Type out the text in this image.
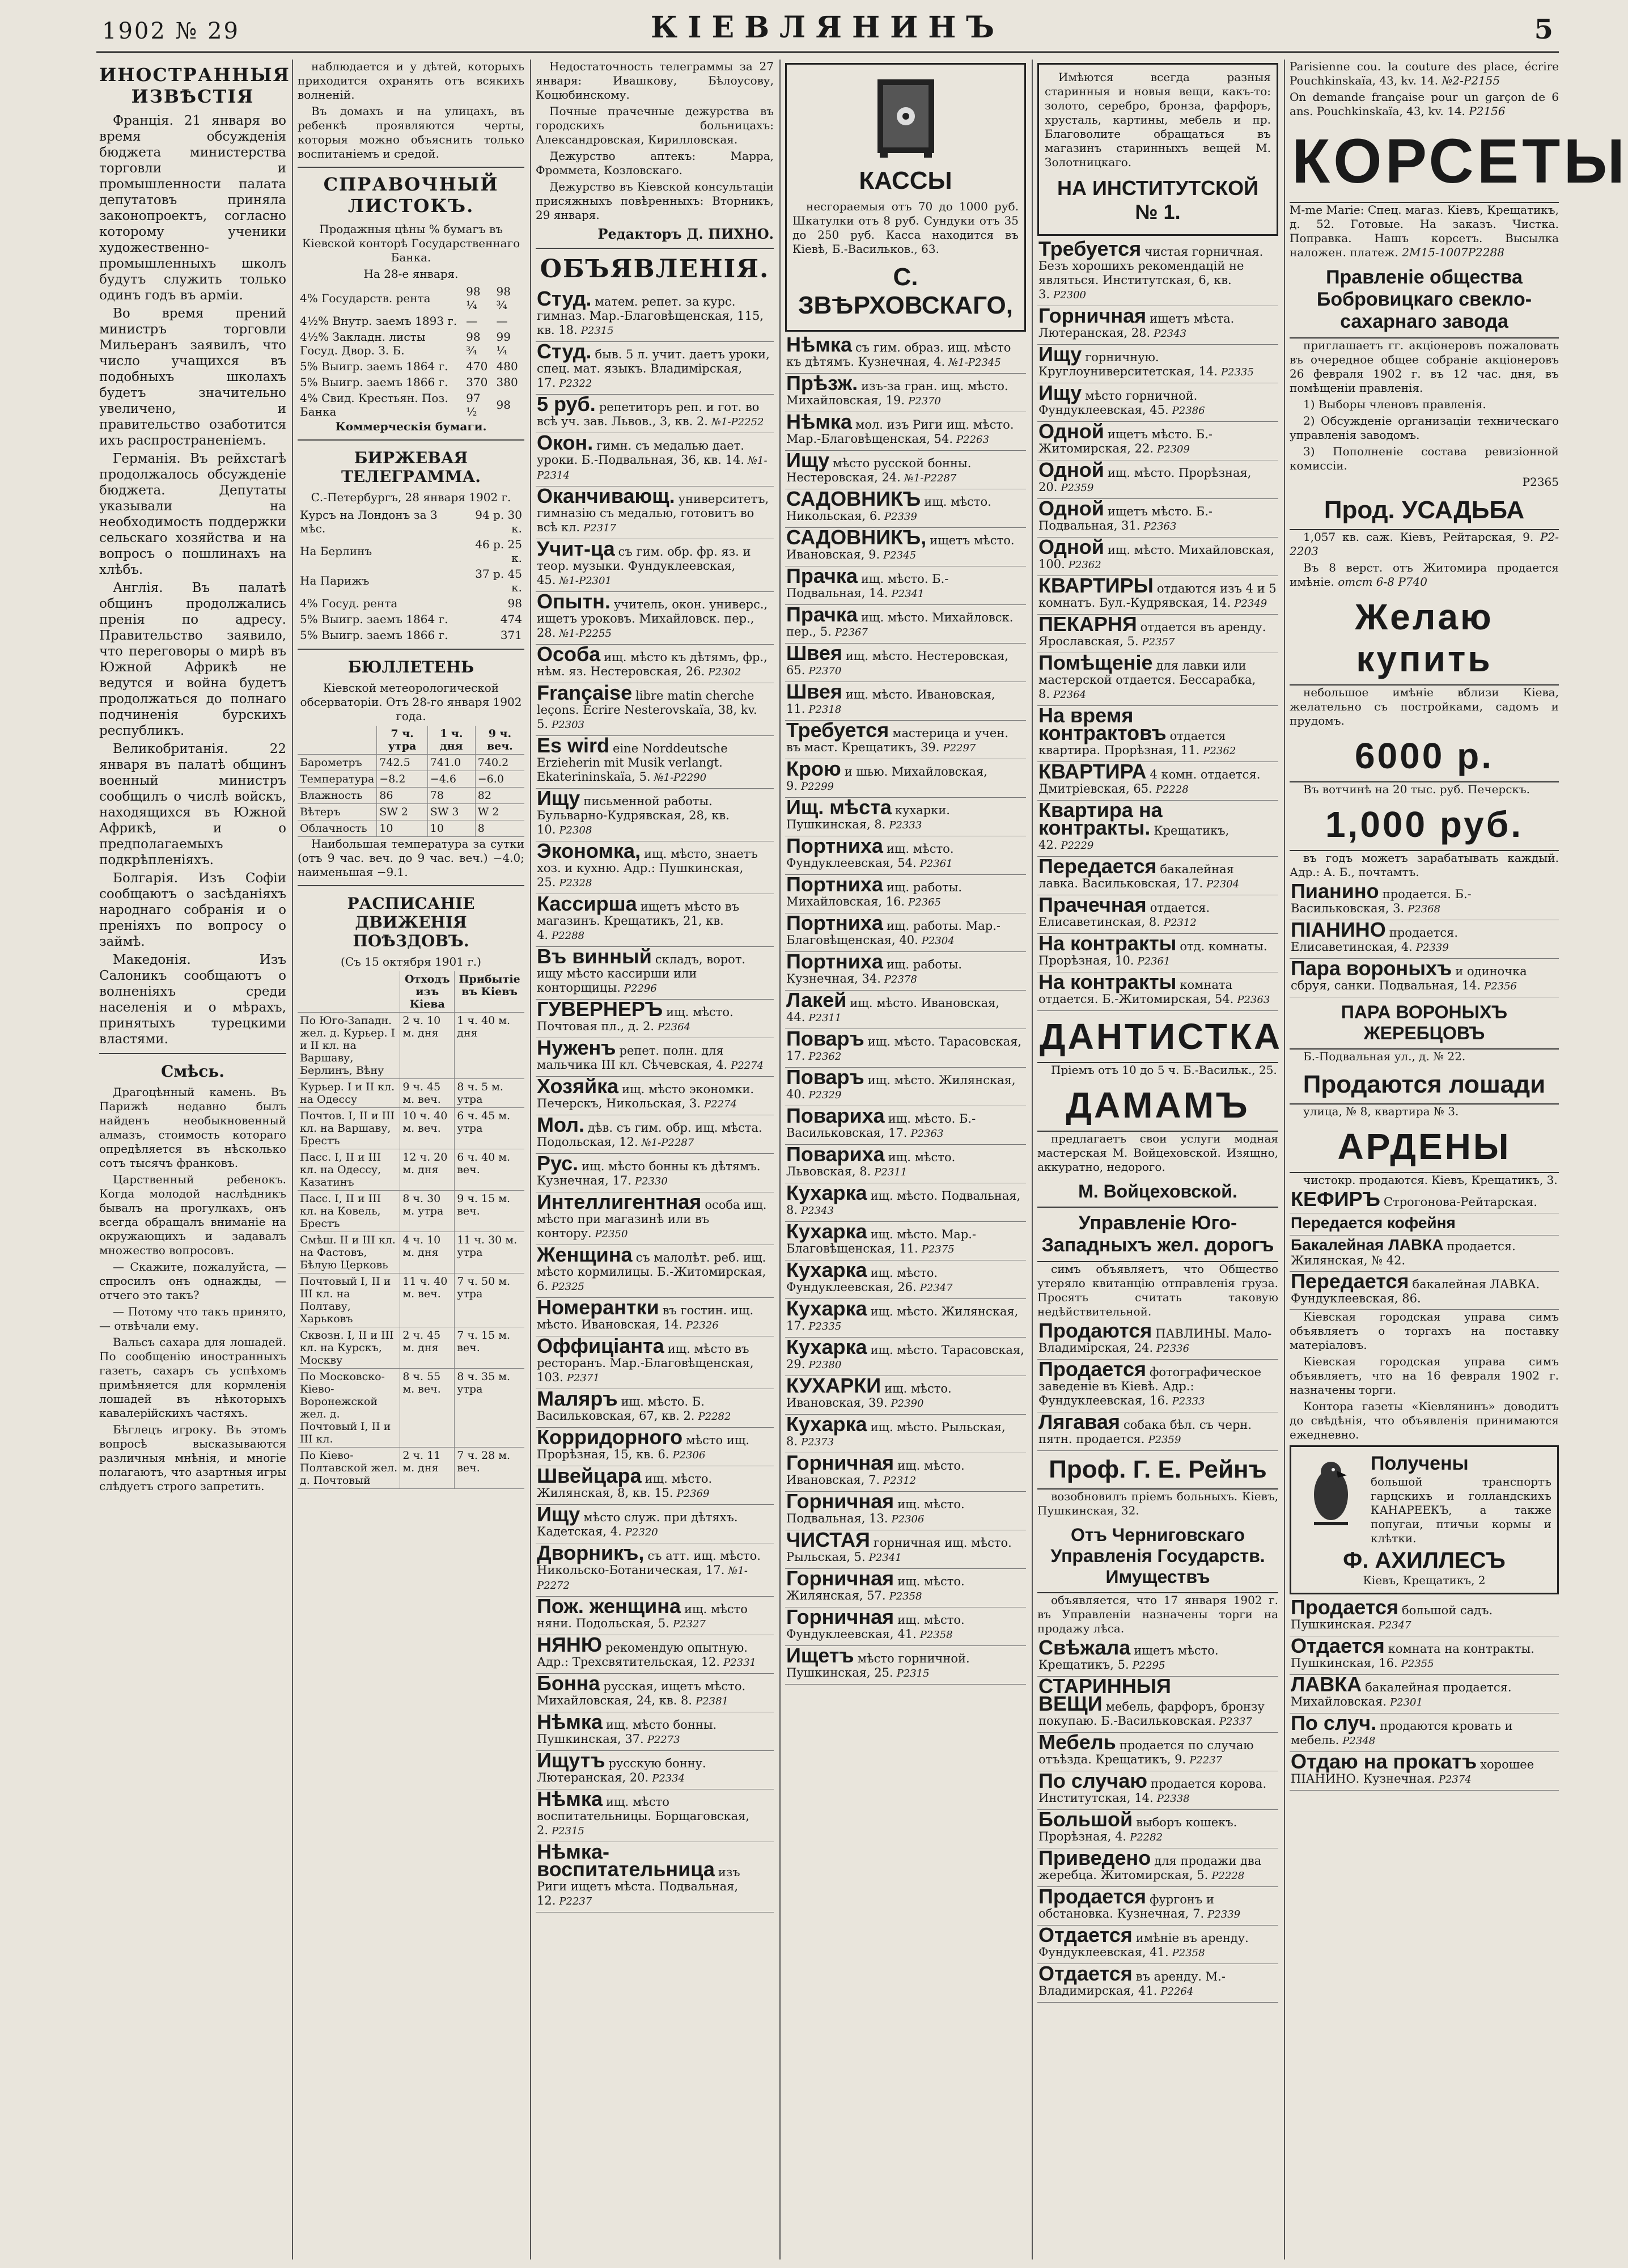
1902 № 29	КІЕВЛЯНИНЪ	5
ИНОСТРАННЫЯ ИЗВѢСТІЯ

Франція. 21 января во время обсужденія бюджета министерства торговли и промышленности палата депутатовъ приняла законопроектъ, согласно которому ученики художественно-промышленныхъ школъ будутъ служить только одинъ годъ въ арміи.

Во время прений министръ торговли Мильеранъ заявилъ, что число учащихся въ подобныхъ школахъ будетъ значительно увеличено, и правительство озаботится ихъ распространеніемъ.

Германія. Въ рейхстагѣ продолжалось обсужденіе бюджета. Депутаты указывали на необходимость поддержки сельскаго хозяйства и на вопросъ о пошлинахъ на хлѣбъ.

Англія. Въ палатѣ общинъ продолжались пренія по адресу. Правительство заявило, что переговоры о мирѣ въ Южной Африкѣ не ведутся и война будетъ продолжаться до полнаго подчиненія бурскихъ республикъ.

Великобританія. 22 января въ палатѣ общинъ военный министръ сообщилъ о числѣ войскъ, находящихся въ Южной Африкѣ, и о предполагаемыхъ подкрѣпленіяхъ.

Болгарія. Изъ Софіи сообщаютъ о засѣданіяхъ народнаго собранія и о преніяхъ по вопросу о займѣ.

Македонія. Изъ Салоникъ сообщаютъ о волненіяхъ среди населенія и о мѣрахъ, принятыхъ турецкими властями.

Смѣсь.

Драгоцѣнный камень. Въ Парижѣ недавно былъ найденъ необыкновенный алмазъ, стоимость котораго опредѣляется въ нѣсколько сотъ тысячъ франковъ.

Царственный ребенокъ. Когда молодой наслѣдникъ бывалъ на прогулкахъ, онъ всегда обращалъ вниманіе на окружающихъ и задавалъ множество вопросовъ.

— Скажите, пожалуйста, — спросилъ онъ однажды, — отчего это такъ?

— Потому что такъ принято, — отвѣчали ему.

Вальсъ сахара для лошадей. По сообщенію иностранныхъ газетъ, сахаръ съ успѣхомъ примѣняется для кормленія лошадей въ нѣкоторыхъ кавалерійскихъ частяхъ.

Бѣглецъ игроку. Въ этомъ вопросѣ высказываются различныя мнѣнія, и многіе полагаютъ, что азартныя игры слѣдуетъ строго запретить.

наблюдается и у дѣтей, которыхъ приходится охранять отъ всякихъ волненій.

Въ домахъ и на улицахъ, въ ребенкѣ проявляются черты, которыя можно объяснить только воспитаніемъ и средой.

СПРАВОЧНЫЙ ЛИСТОКЪ.

Продажныя цѣны % бумагъ въ Кіевской конторѣ Государственнаго Банка.

На 28-е января.

4% Государств. рента	98 ¼	98 ¾
4½% Внутр. заемъ 1893 г.	—	—
4½% Закладн. листы Госуд. Двор. З. Б.	98 ¾	99 ¼
5% Выигр. заемъ 1864 г.	470	480
5% Выигр. заемъ 1866 г.	370	380
4% Свид. Крестьян. Поз. Банка	97 ½	98

Коммерческія бумаги.

БИРЖЕВАЯ ТЕЛЕГРАММА.

С.-Петербургъ, 28 января 1902 г.

Курсъ на Лондонъ за 3 мѣс.	94 р. 30 к.
На Берлинъ	46 р. 25 к.
На Парижъ	37 р. 45 к.
4% Госуд. рента	98
5% Выигр. заемъ 1864 г.	474
5% Выигр. заемъ 1866 г.	371
БЮЛЛЕТЕНЬ

Кіевской метеорологической обсерваторіи. Отъ 28-го января 1902 года.

	7 ч. утра	1 ч. дня	9 ч. веч.
Барометръ	742.5	741.0	740.2
Температура	−8.2	−4.6	−6.0
Влажность	86	78	82
Вѣтеръ	SW 2	SW 3	W 2
Облачность	10	10	8

Наибольшая температура за сутки (отъ 9 час. веч. до 9 час. веч.) −4.0; наименьшая −9.1.

РАСПИСАНІЕ ДВИЖЕНІЯ ПОѢЗДОВЪ.

(Съ 15 октября 1901 г.)

	Отходъ изъ Кіева	Прибытіе въ Кіевъ
По Юго-Западн. жел. д. Курьер. I и II кл. на Варшаву, Берлинъ, Вѣну	2 ч. 10 м. дня	1 ч. 40 м. дня
Курьер. I и II кл. на Одессу	9 ч. 45 м. веч.	8 ч. 5 м. утра
Почтов. I, II и III кл. на Варшаву, Брестъ	10 ч. 40 м. веч.	6 ч. 45 м. утра
Пасс. I, II и III кл. на Одессу, Казатинъ	12 ч. 20 м. дня	6 ч. 40 м. веч.
Пасс. I, II и III кл. на Ковель, Брестъ	8 ч. 30 м. утра	9 ч. 15 м. веч.
Смѣш. II и III кл. на Фастовъ, Бѣлую Церковь	4 ч. 10 м. дня	11 ч. 30 м. утра
Почтовый I, II и III кл. на Полтаву, Харьковъ	11 ч. 40 м. веч.	7 ч. 50 м. утра
Сквозн. I, II и III кл. на Курскъ, Москву	2 ч. 45 м. дня	7 ч. 15 м. веч.
По Московско-Кіево-Воронежской жел. д. Почтовый I, II и III кл.	8 ч. 55 м. веч.	8 ч. 35 м. утра
По Кіево-Полтавской жел. д. Почтовый	2 ч. 11 м. дня	7 ч. 28 м. веч.

Недостаточность телеграммы за 27 января: Ивашкову, Бѣлоусову, Коцюбинскому.

Почные прачечные дежурства въ городскихъ больницахъ: Александровская, Кирилловская.

Дежурство аптекъ: Марра, Фроммета, Козловскаго.

Дежурство въ Кіевской консультаціи присяжныхъ повѣренныхъ: Вторникъ, 29 января.

Редакторъ Д. ПИХНО.
ОБЪЯВЛЕНІЯ.
Студ. матем. репет. за курс. гимназ. Мар.-Благовѣщенская, 115, кв. 18. Р2315
Студ. быв. 5 л. учит. даетъ уроки, спец. мат. языкъ. Владимірская, 17. Р2322
5 руб. репетиторъ реп. и гот. во всѣ уч. зав. Львов., 3, кв. 2. №1-Р2252
Окон. гимн. съ медалью дает. уроки. Б.-Подвальная, 36, кв. 14. №1-Р2314
Оканчивающ. университетъ, гимназію съ медалью, готовитъ во всѣ кл. Р2317
Учит-ца съ гим. обр. фр. яз. и теор. музыки. Фундуклеевская, 45. №1-Р2301
Опытн. учитель, окон. универс., ищетъ уроковъ. Михайловск. пер., 28. №1-Р2255
Особа ищ. мѣсто къ дѣтямъ, фр., нѣм. яз. Нестеровская, 26. Р2302
Française libre matin cherche leçons. Ecrire Nesterovskaïa, 38, kv. 5. Р2303
Es wird eine Norddeutsche Erzieherin mit Musik verlangt. Ekaterininskaïa, 5. №1-Р2290
Ищу письменной работы. Бульварно-Кудрявская, 28, кв. 10. Р2308
Экономка, ищ. мѣсто, знаетъ хоз. и кухню. Адр.: Пушкинская, 25. Р2328
Кассирша ищетъ мѣсто въ магазинъ. Крещатикъ, 21, кв. 4. Р2288
Въ винный складъ, ворот. ищу мѣсто кассирши или конторщицы. Р2296
ГУВЕРНЕРЪ ищ. мѣсто. Почтовая пл., д. 2. Р2364
Нуженъ репет. полн. для мальчика III кл. Сѣчевская, 4. Р2274
Хозяйка ищ. мѣсто экономки. Печерскъ, Никольская, 3. Р2274
Мол. дѣв. съ гим. обр. ищ. мѣста. Подольская, 12. №1-Р2287
Рус. ищ. мѣсто бонны къ дѣтямъ. Кузнечная, 17. Р2330
Интеллигентная особа ищ. мѣсто при магазинѣ или въ контору. Р2350
Женщина съ малолѣт. реб. ищ. мѣсто кормилицы. Б.-Житомирская, 6. Р2325
Номерантки въ гостин. ищ. мѣсто. Ивановская, 14. Р2326
Оффиціанта ищ. мѣсто въ ресторанъ. Мар.-Благовѣщенская, 103. Р2371
Маляръ ищ. мѣсто. Б. Васильковская, 67, кв. 2. Р2282
Корридорного мѣсто ищ. Прорѣзная, 15, кв. 6. Р2306
Швейцара ищ. мѣсто. Жилянская, 8, кв. 15. Р2369
Ищу мѣсто служ. при дѣтяхъ. Кадетская, 4. Р2320
Дворникъ, съ атт. ищ. мѣсто. Никольско-Ботаническая, 17. №1-Р2272
Пож. женщина ищ. мѣсто няни. Подольская, 5. Р2327
НЯНЮ рекомендую опытную. Адр.: Трехсвятительская, 12. Р2331
Бонна русская, ищетъ мѣсто. Михайловская, 24, кв. 8. Р2381
Нѣмка ищ. мѣсто бонны. Пушкинская, 37. Р2273
Ищутъ русскую бонну. Лютеранская, 20. Р2334
Нѣмка ищ. мѣсто воспитательницы. Борщаговская, 2. Р2315
Нѣмка-воспитательница изъ Риги ищетъ мѣста. Подвальная, 12. Р2237
КАССЫ

несгораемыя отъ 70 до 1000 руб. Шкатулки отъ 8 руб. Сундуки отъ 35 до 250 руб. Касса находится въ Кіевѣ, Б.-Васильков., 63.

С. ЗВѢРХОВСКАГО,
Нѣмка съ гим. образ. ищ. мѣсто къ дѣтямъ. Кузнечная, 4. №1-Р2345
Прѣзж. изъ-за гран. ищ. мѣсто. Михайловская, 19. Р2370
Нѣмка мол. изъ Риги ищ. мѣсто. Мар.-Благовѣщенская, 54. Р2263
Ищу мѣсто русской бонны. Нестеровская, 24. №1-Р2287
САДОВНИКЪ ищ. мѣсто. Никольская, 6. Р2339
САДОВНИКЪ, ищетъ мѣсто. Ивановская, 9. Р2345
Прачка ищ. мѣсто. Б.-Подвальная, 14. Р2341
Прачка ищ. мѣсто. Михайловск. пер., 5. Р2367
Швея ищ. мѣсто. Нестеровская, 65. Р2370
Швея ищ. мѣсто. Ивановская, 11. Р2318
Требуется мастерица и учен. въ маст. Крещатикъ, 39. Р2297
Крою и шью. Михайловская, 9. Р2299
Ищ. мѣста кухарки. Пушкинская, 8. Р2333
Портниха ищ. мѣсто. Фундуклеевская, 54. Р2361
Портниха ищ. работы. Михайловская, 16. Р2365
Портниха ищ. работы. Мар.-Благовѣщенская, 40. Р2304
Портниха ищ. работы. Кузнечная, 34. Р2378
Лакей ищ. мѣсто. Ивановская, 44. Р2311
Поваръ ищ. мѣсто. Тарасовская, 17. Р2362
Поваръ ищ. мѣсто. Жилянская, 40. Р2329
Повариха ищ. мѣсто. Б.-Васильковская, 17. Р2363
Повариха ищ. мѣсто. Львовская, 8. Р2311
Кухарка ищ. мѣсто. Подвальная, 8. Р2343
Кухарка ищ. мѣсто. Мар.-Благовѣщенская, 11. Р2375
Кухарка ищ. мѣсто. Фундуклеевская, 26. Р2347
Кухарка ищ. мѣсто. Жилянская, 17. Р2335
Кухарка ищ. мѣсто. Тарасовская, 29. Р2380
КУХАРКИ ищ. мѣсто. Ивановская, 39. Р2390
Кухарка ищ. мѣсто. Рыльская, 8. Р2373
Горничная ищ. мѣсто. Ивановская, 7. Р2312
Горничная ищ. мѣсто. Подвальная, 13. Р2306
ЧИСТАЯ горничная ищ. мѣсто. Рыльская, 5. Р2341
Горничная ищ. мѣсто. Жилянская, 57. Р2358
Горничная ищ. мѣсто. Фундуклеевская, 41. Р2358
Ищетъ мѣсто горничной. Пушкинская, 25. Р2315

Имѣются всегда разныя старинныя и новыя вещи, какъ-то: золото, серебро, бронза, фарфоръ, хрусталь, картины, мебель и пр. Благоволите обращаться въ магазинъ старинныхъ вещей М. Золотницкаго.

НА ИНСТИТУТСКОЙ № 1.
Требуется чистая горничная. Безъ хорошихъ рекомендацій не являться. Институтская, 6, кв. 3. Р2300
Горничная ищетъ мѣста. Лютеранская, 28. Р2343
Ищу горничную. Круглоуниверситетская, 14. Р2335
Ищу мѣсто горничной. Фундуклеевская, 45. Р2386
Одной ищетъ мѣсто. Б.-Житомирская, 22. Р2309
Одной ищ. мѣсто. Прорѣзная, 20. Р2359
Одной ищетъ мѣсто. Б.-Подвальная, 31. Р2363
Одной ищ. мѣсто. Михайловская, 100. Р2362
КВАРТИРЫ отдаются изъ 4 и 5 комнатъ. Бул.-Кудрявская, 14. Р2349
ПЕКАРНЯ отдается въ аренду. Ярославская, 5. Р2357
Помѣщеніе для лавки или мастерской отдается. Бессарабка, 8. Р2364
На время контрактовъ отдается квартира. Прорѣзная, 11. Р2362
КВАРТИРА 4 комн. отдается. Дмитріевская, 65. Р2228
Квартира на контракты. Крещатикъ, 42. Р2229
Передается бакалейная лавка. Васильковская, 17. Р2304
Прачечная отдается. Елисаветинская, 8. Р2312
На контракты отд. комнаты. Прорѣзная, 10. Р2361
На контракты комната отдается. Б.-Житомирская, 54. Р2363
ДАНТИСТКА

Пріемъ отъ 10 до 5 ч. Б.-Васильк., 25.

ДАМАМЪ

предлагаетъ свои услуги модная мастерская М. Войцеховской. Изящно, аккуратно, недорого.

М. Войцеховской.
Управленіе Юго-Западныхъ жел. дорогъ

симъ объявляетъ, что Общество утеряло квитанцію отправленія груза. Просятъ считать таковую недѣйствительной.

Продаются ПАВЛИНЫ. Мало-Владимірская, 24. Р2336
Продается фотографическое заведеніе въ Кіевѣ. Адр.: Фундуклеевская, 16. Р2333
Лягавая собака бѣл. съ черн. пятн. продается. Р2359
Проф. Г. Е. Рейнъ

возобновилъ пріемъ больныхъ. Кіевъ, Пушкинская, 32.

Отъ Черниговскаго Управленія Государств. Имуществъ

объявляется, что 17 января 1902 г. въ Управленіи назначены торги на продажу лѣса.

Свѣжала ищетъ мѣсто. Крещатикъ, 5. Р2295
СТАРИННЫЯ ВЕЩИ мебель, фарфоръ, бронзу покупаю. Б.-Васильковская. Р2337
Мебель продается по случаю отъѣзда. Крещатикъ, 9. Р2237
По случаю продается корова. Институтская, 14. Р2338
Большой выборъ кошекъ. Прорѣзная, 4. Р2282
Приведено для продажи два жеребца. Житомирская, 5. Р2228
Продается фургонъ и обстановка. Кузнечная, 7. Р2339
Отдается имѣніе въ аренду. Фундуклеевская, 41. Р2358
Отдается въ аренду. М.-Владимирская, 41. Р2264

Parisienne cou. la couture des place, écrire Pouchkinskaïa, 43, kv. 14. №2-Р2155

On demande française pour un garçon de 6 ans. Pouchkinskaïa, 43, kv. 14. Р2156

КОРСЕТЫ

M-me Marie: Спец. магаз. Кіевъ, Крещатикъ, д. 52. Готовые. На заказъ. Чистка. Поправка. Нашъ корсетъ. Высылка наложен. платеж. 2М15-1007Р2288

Правленіе общества Бобровицкаго свекло-сахарнаго завода

приглашаетъ гг. акціонеровъ пожаловать въ очередное общее собраніе акціонеровъ 26 февраля 1902 г. въ 12 час. дня, въ помѣщеніи правленія.

1) Выборы членовъ правленія.

2) Обсужденіе организаціи техническаго управленія заводомъ.

3) Пополненіе состава ревизіонной комиссіи.

Р2365

Прод. УСАДЬБА

1,057 кв. саж. Кіевъ, Рейтарская, 9. Р2-2203

Въ 8 верст. отъ Житомира продается имѣніе. отст 6-8 Р740

Желаю купить

небольшое имѣніе вблизи Кіева, желательно съ постройками, садомъ и прудомъ.

6000 р.

Въ вотчинѣ на 20 тыс. руб. Печерскъ.

1,000 руб.

въ годъ можетъ зарабатывать каждый. Адр.: А. Б., почтамтъ.

Пианино продается. Б.-Васильковская, 3. Р2368
ПІАНИНО продается. Елисаветинская, 4. Р2339
Пара вороныхъ и одиночка сбруя, санки. Подвальная, 14. Р2356
ПАРА ВОРОНЫХЪ ЖЕРЕБЦОВЪ

Б.-Подвальная ул., д. № 22.

Продаются лошади

улица, № 8, квартира № 3.

АРДЕНЫ

чистокр. продаются. Кіевъ, Крещатикъ, 3.

КЕФИРЪ Строгонова-Рейтарская.
Передается кофейня
Бакалейная ЛАВКА продается. Жилянская, № 42.
Передается бакалейная ЛАВКА. Фундуклеевская, 86.

Кіевская городская управа симъ объявляетъ о торгахъ на поставку матеріаловъ.

Кіевская городская управа симъ объявляетъ, что на 16 февраля 1902 г. назначены торги.

Контора газеты «Кіевлянинъ» доводитъ до свѣдѣнія, что объявленія принимаются ежедневно.

Получены

большой транспортъ гарцскихъ и голландскихъ КАНАРЕЕКЪ, а также попугаи, птичьи кормы и клѣтки.

Ф. АХИЛЛЕСЪ
Кіевъ, Крещатикъ, 2
Продается большой садъ. Пушкинская. Р2347
Отдается комната на контракты. Пушкинская, 16. Р2355
ЛАВКА бакалейная продается. Михайловская. Р2301
По случ. продаются кровать и мебель. Р2348
Отдаю на прокатъ хорошее ПІАНИНО. Кузнечная. Р2374
